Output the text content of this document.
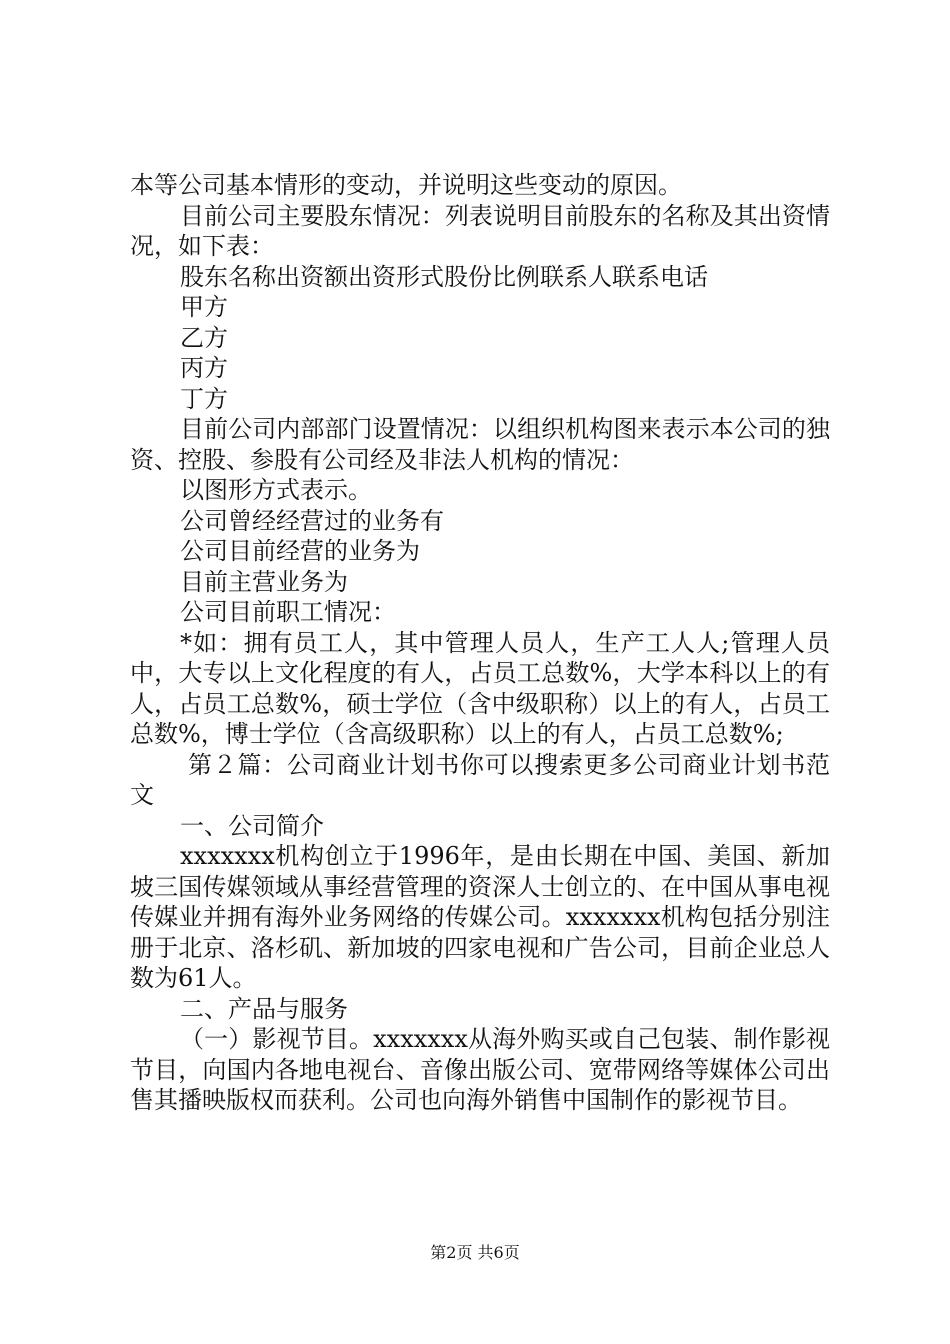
本等公司基本情形的变动，并说明这些变动的原因。

目前公司主要股东情况：列表说明目前股东的名称及其出资情况，如下表：

股东名称出资额出资形式股份比例联系人联系电话

甲方

乙方

丙方

丁方

目前公司内部部门设置情况：以组织机构图来表示本公司的独资、控股、参股有公司经及非法人机构的情况：

以图形方式表示。

公司曾经经营过的业务有

公司目前经营的业务为

目前主营业务为

公司目前职工情况：

*如：拥有员工人，其中管理人员人，生产工人人;管理人员中，大专以上文化程度的有人，占员工总数%，大学本科以上的有人，占员工总数%，硕士学位（含中级职称）以上的有人，占员工总数%，博士学位（含高级职称）以上的有人，占员工总数%;

第２篇：公司商业计划书你可以搜索更多公司商业计划书范文

一、公司简介

xxxxxxx机构创立于1996年，是由长期在中国、美国、新加坡三国传媒领域从事经营管理的资深人士创立的、在中国从事电视传媒业并拥有海外业务网络的传媒公司。xxxxxxx机构包括分别注册于北京、洛杉矶、新加坡的四家电视和广告公司，目前企业总人数为61人。

二、产品与服务

（一）影视节目。xxxxxxx从海外购买或自己包装、制作影视节目，向国内各地电视台、音像出版公司、宽带网络等媒体公司出售其播映版权而获利。公司也向海外销售中国制作的影视节目。

第2页 共6页
